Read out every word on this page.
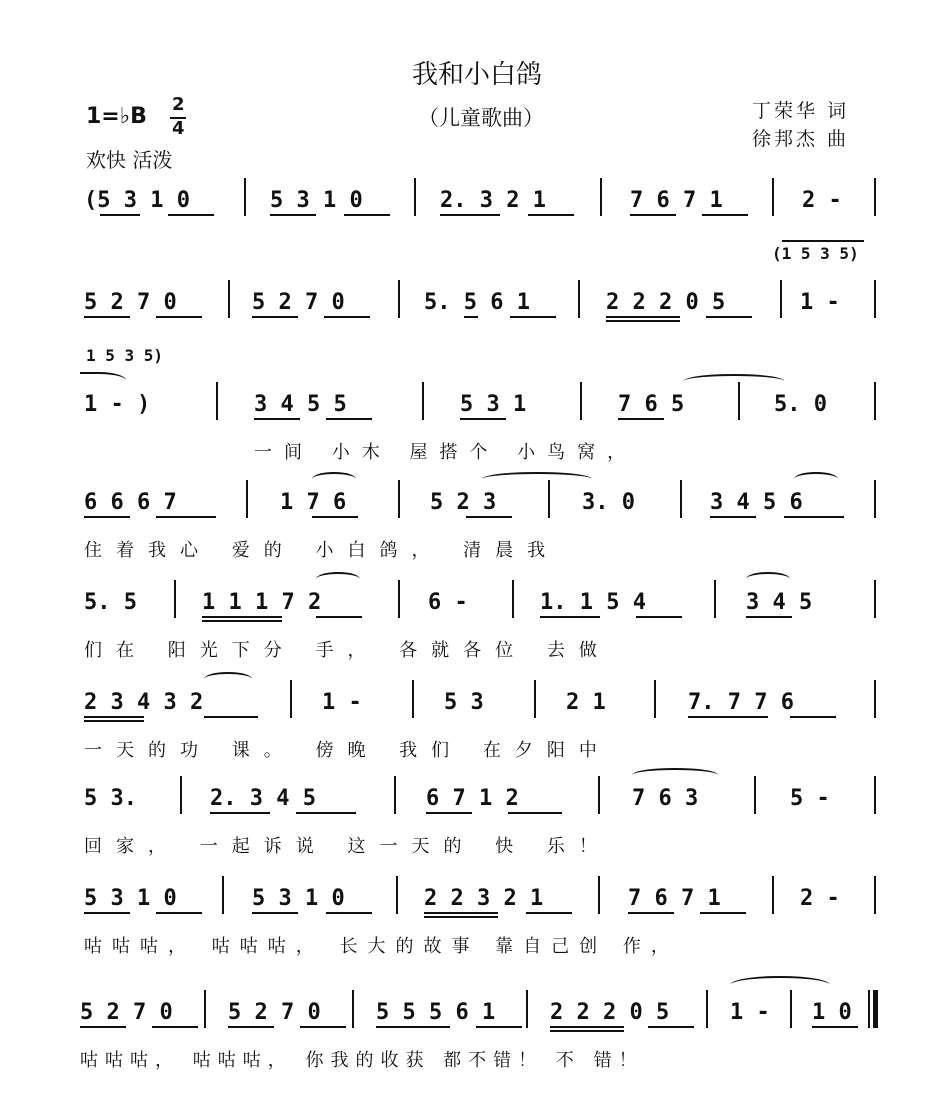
我和小白鸽
（儿童歌曲）
1=♭B 2
4
欢快 活泼
丁荣华 词
徐邦杰 曲
(5 3 1 0	5 3 1 0	2. 3 2 1	7 6 7 1	2 -
(1 5 3 5)
5 2 7 0	5 2 7 0	5. 5 6 1	2 2 2 0 5	1 -
1 5 3 5)
1 - )	3 4 5 5	5 3 1	7 6 5	5. 0
一间 小木 屋搭个 小鸟窝，
6 6 6 7	1 7 6	5 2 3	3. 0	3 4 5 6
住着我心 爱的 小白鸽， 清晨我
5. 5	1 1 1 7 2	6 -	1. 1 5 4	3 4 5
们在 阳光下分 手， 各就各位 去做
2 3 4 3 2	1 -	5 3	2 1	7. 7 7 6
一天的功 课。 傍晚 我们 在夕阳中
5 3.	2. 3 4 5	6 7 1 2	7 6 3	5 -
回家， 一起诉说 这一天的 快 乐！
5 3 1 0	5 3 1 0	2 2 3 2 1	7 6 7 1	2 -
咕咕咕， 咕咕咕， 长大的故事 靠自己创 作，
5 2 7 0	5 2 7 0	5 5 5 6 1 2 2 2 0 5	1 - 1 0
咕咕咕， 咕咕咕， 你我的收获 都不错！ 不 错！
